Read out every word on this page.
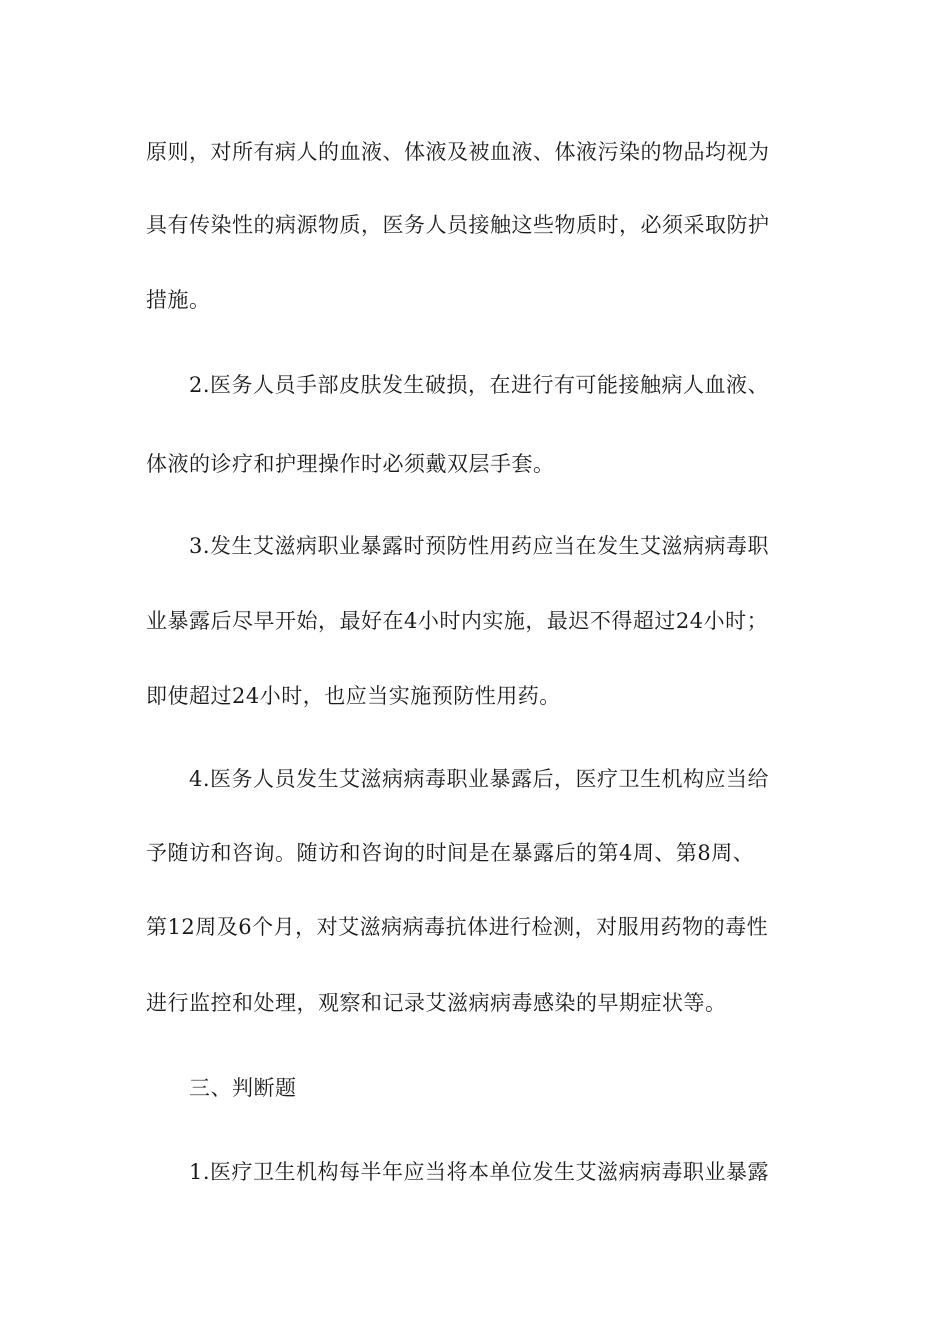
原则，对所有病人的血液、体液及被血液、体液污染的物品均视为
具有传染性的病源物质，医务人员接触这些物质时，必须采取防护
措施。
2.医务人员手部皮肤发生破损，在进行有可能接触病人血液、
体液的诊疗和护理操作时必须戴双层手套。
3.发生艾滋病职业暴露时预防性用药应当在发生艾滋病病毒职
业暴露后尽早开始，最好在4小时内实施，最迟不得超过24小时；
即使超过24小时，也应当实施预防性用药。
4.医务人员发生艾滋病病毒职业暴露后，医疗卫生机构应当给
予随访和咨询。随访和咨询的时间是在暴露后的第4周、第8周、
第12周及6个月，对艾滋病病毒抗体进行检测，对服用药物的毒性
进行监控和处理，观察和记录艾滋病病毒感染的早期症状等。
三、判断题
1.医疗卫生机构每半年应当将本单位发生艾滋病病毒职业暴露
